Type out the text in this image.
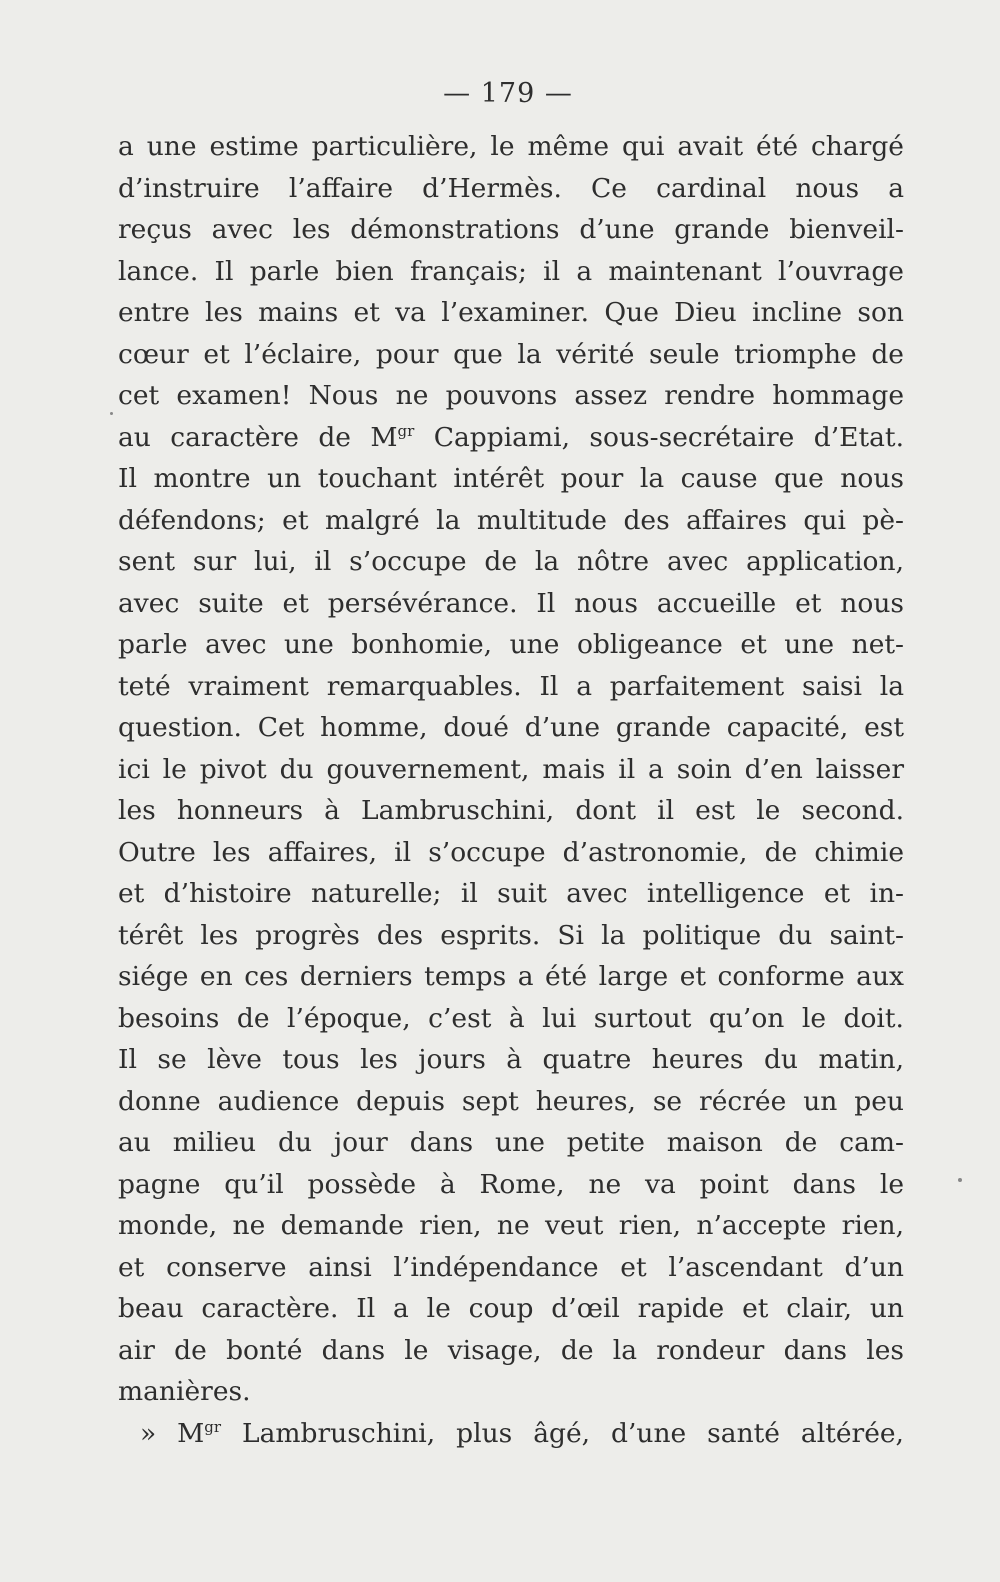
— 179 —
a une estime particulière, le même qui avait été chargé
d’instruire l’affaire d’Hermès. Ce cardinal nous a
reçus avec les démonstrations d’une grande bienveil-
lance. Il parle bien français; il a maintenant l’ouvrage
entre les mains et va l’examiner. Que Dieu incline son
cœur et l’éclaire, pour que la vérité seule triomphe de
cet examen! Nous ne pouvons assez rendre hommage
au caractère de $M^{gr}$ Cappiami, sous-secrétaire d’Etat.
Il montre un touchant intérêt pour la cause que nous
défendons; et malgré la multitude des affaires qui pè-
sent sur lui, il s’occupe de la nôtre avec application,
avec suite et persévérance. Il nous accueille et nous
parle avec une bonhomie, une obligeance et une net-
teté vraiment remarquables. Il a parfaitement saisi la
question. Cet homme, doué d’une grande capacité, est
ici le pivot du gouvernement, mais il a soin d’en laisser
les honneurs à Lambruschini, dont il est le second.
Outre les affaires, il s’occupe d’astronomie, de chimie
et d’histoire naturelle; il suit avec intelligence et in-
térêt les progrès des esprits. Si la politique du saint-
siége en ces derniers temps a été large et conforme aux
besoins de l’époque, c’est à lui surtout qu’on le doit.
Il se lève tous les jours à quatre heures du matin,
donne audience depuis sept heures, se récrée un peu
au milieu du jour dans une petite maison de cam-
pagne qu’il possède à Rome, ne va point dans le
monde, ne demande rien, ne veut rien, n’accepte rien,
et conserve ainsi l’indépendance et l’ascendant d’un
beau caractère. Il a le coup d’œil rapide et clair, un
air de bonté dans le visage, de la rondeur dans les
manières.
» $M^{gr}$ Lambruschini, plus âgé, d’une santé altérée,
